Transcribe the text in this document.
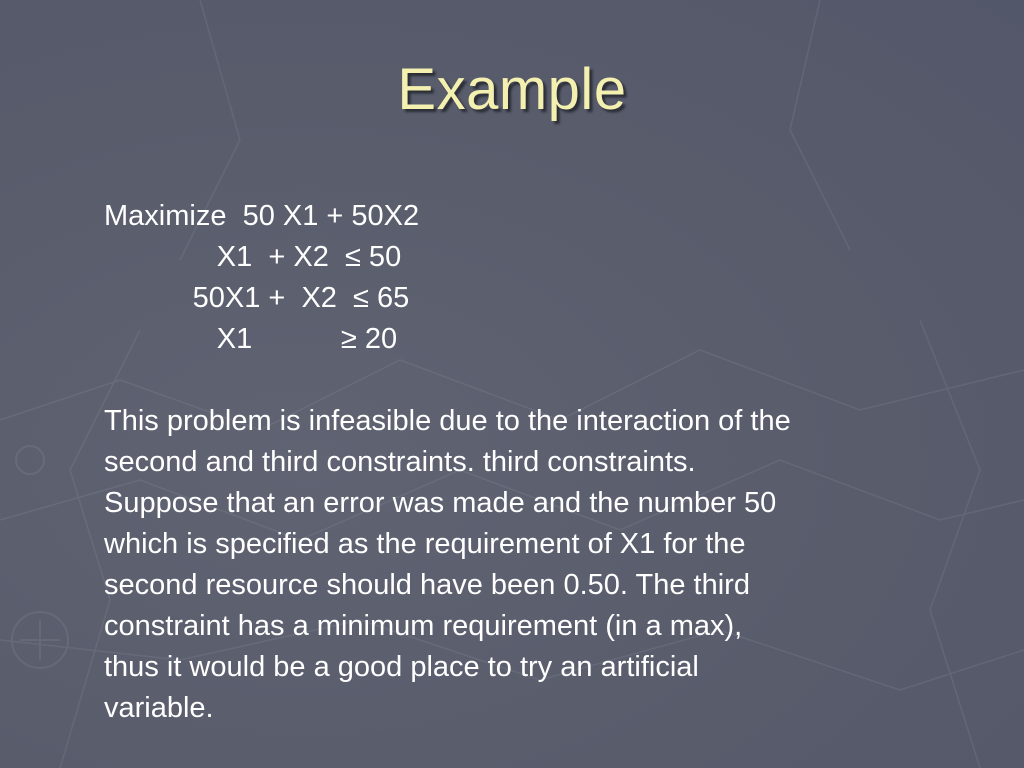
Example
Maximize  50 X1 + 50X2
X1  + X2  ≤ 50
50X1 +  X2  ≤ 65
X1           ≥ 20
This problem is infeasible due to the interaction of the
second and third constraints. third constraints.
Suppose that an error was made and the number 50
which is specified as the requirement of X1 for the
second resource should have been 0.50. The third
constraint has a minimum requirement (in a max),
thus it would be a good place to try an artificial
variable.
